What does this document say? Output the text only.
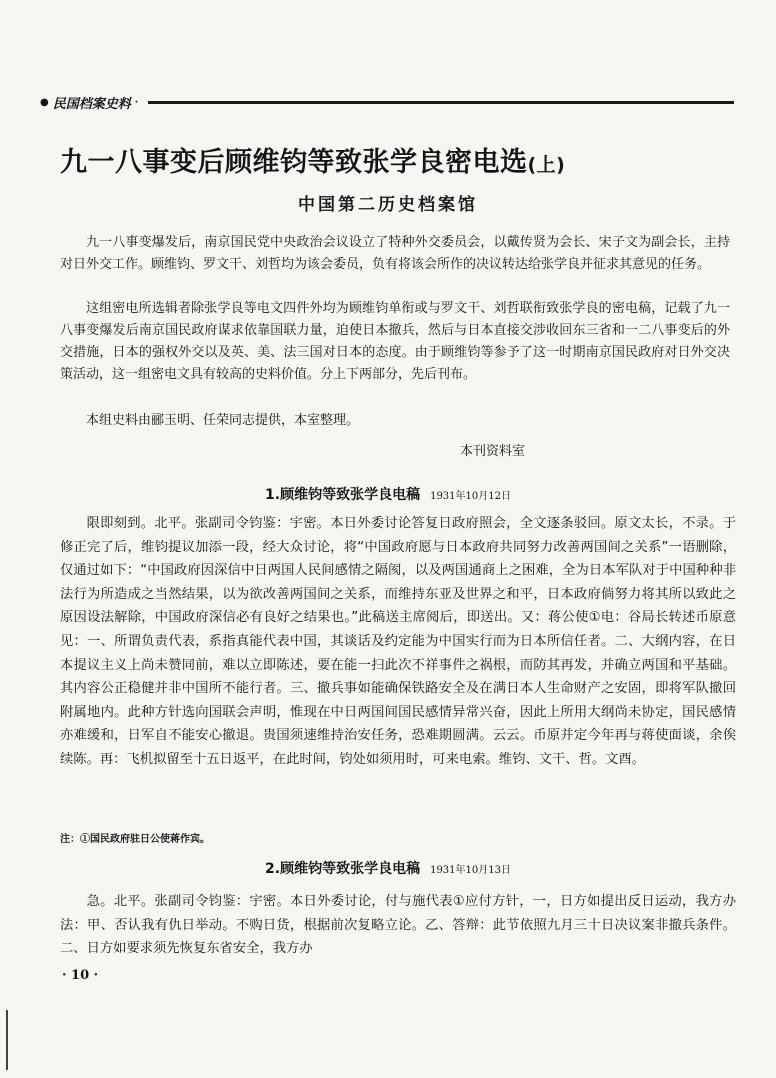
● 民国档案史料 ·
九一八事变后顾维钧等致张学良密电选(上)
中国第二历史档案馆

九一八事变爆发后，南京国民党中央政治会议设立了特种外交委员会，以戴传贤为会长、宋子文为副会长，主持对日外交工作。顾维钧、罗文干、刘哲均为该会委员，负有将该会所作的决议转达给张学良并征求其意见的任务。

这组密电所选辑者除张学良等电文四件外均为顾维钧单衔或与罗文干、刘哲联衔致张学良的密电稿，记载了九一八事变爆发后南京国民政府谋求依靠国联力量，迫使日本撤兵，然后与日本直接交涉收回东三省和一二八事变后的外交措施，日本的强权外交以及英、美、法三国对日本的态度。由于顾维钧等参予了这一时期南京国民政府对日外交决策活动，这一组密电文具有较高的史料价值。分上下两部分，先后刊布。

本组史料由郦玉明、任荣同志提供，本室整理。

本刊资料室
1.顾维钧等致张学良电稿 1931年10月12日

限即刻到。北平。张副司令钧鉴：宇密。本日外委讨论答复日政府照会，全文逐条驳回。原文太长，不录。于修正完了后，维钧提议加添一段，经大众讨论，将“中国政府愿与日本政府共同努力改善两国间之关系”一语删除，仅通过如下：“中国政府因深信中日两国人民间感情之隔阂，以及两国通商上之困难，全为日本军队对于中国种种非法行为所造成之当然结果，以为欲改善两国间之关系，而维持东亚及世界之和平，日本政府倘努力将其所以致此之原因设法解除，中国政府深信必有良好之结果也。”此稿送主席阅后，即送出。又：蒋公使①电：谷局长转述币原意见：一、所谓负责代表，系指真能代表中国，其谈话及约定能为中国实行而为日本所信任者。二、大纲内容，在日本提议主义上尚未赞同前，难以立即陈述，要在能一扫此次不祥事件之祸根，而防其再发，并确立两国和平基础。其内容公正稳健并非中国所不能行者。三、撤兵事如能确保铁路安全及在满日本人生命财产之安固，即将军队撤回附属地内。此种方针选向国联会声明，惟现在中日两国间国民感情异常兴奋，因此上所用大纲尚未协定，国民感情亦难缓和，日军自不能安心撤退。贵国须速维持治安任务，恐难期圆满。云云。币原并定今年再与蒋使面谈，余俟续陈。再：飞机拟留至十五日返平，在此时间，钧处如须用时，可来电索。维钧、文干、哲。文酉。

注：①国民政府驻日公使蒋作宾。
2.顾维钧等致张学良电稿 1931年10月13日

急。北平。张副司令钧鉴：宇密。本日外委讨论，付与施代表①应付方针，一，日方如提出反日运动，我方办法：甲、否认我有仇日举动。不购日货，根据前次复略立论。乙、答辩：此节依照九月三十日决议案非撤兵条件。二、日方如要求须先恢复东省安全，我方办

· 10 ·
